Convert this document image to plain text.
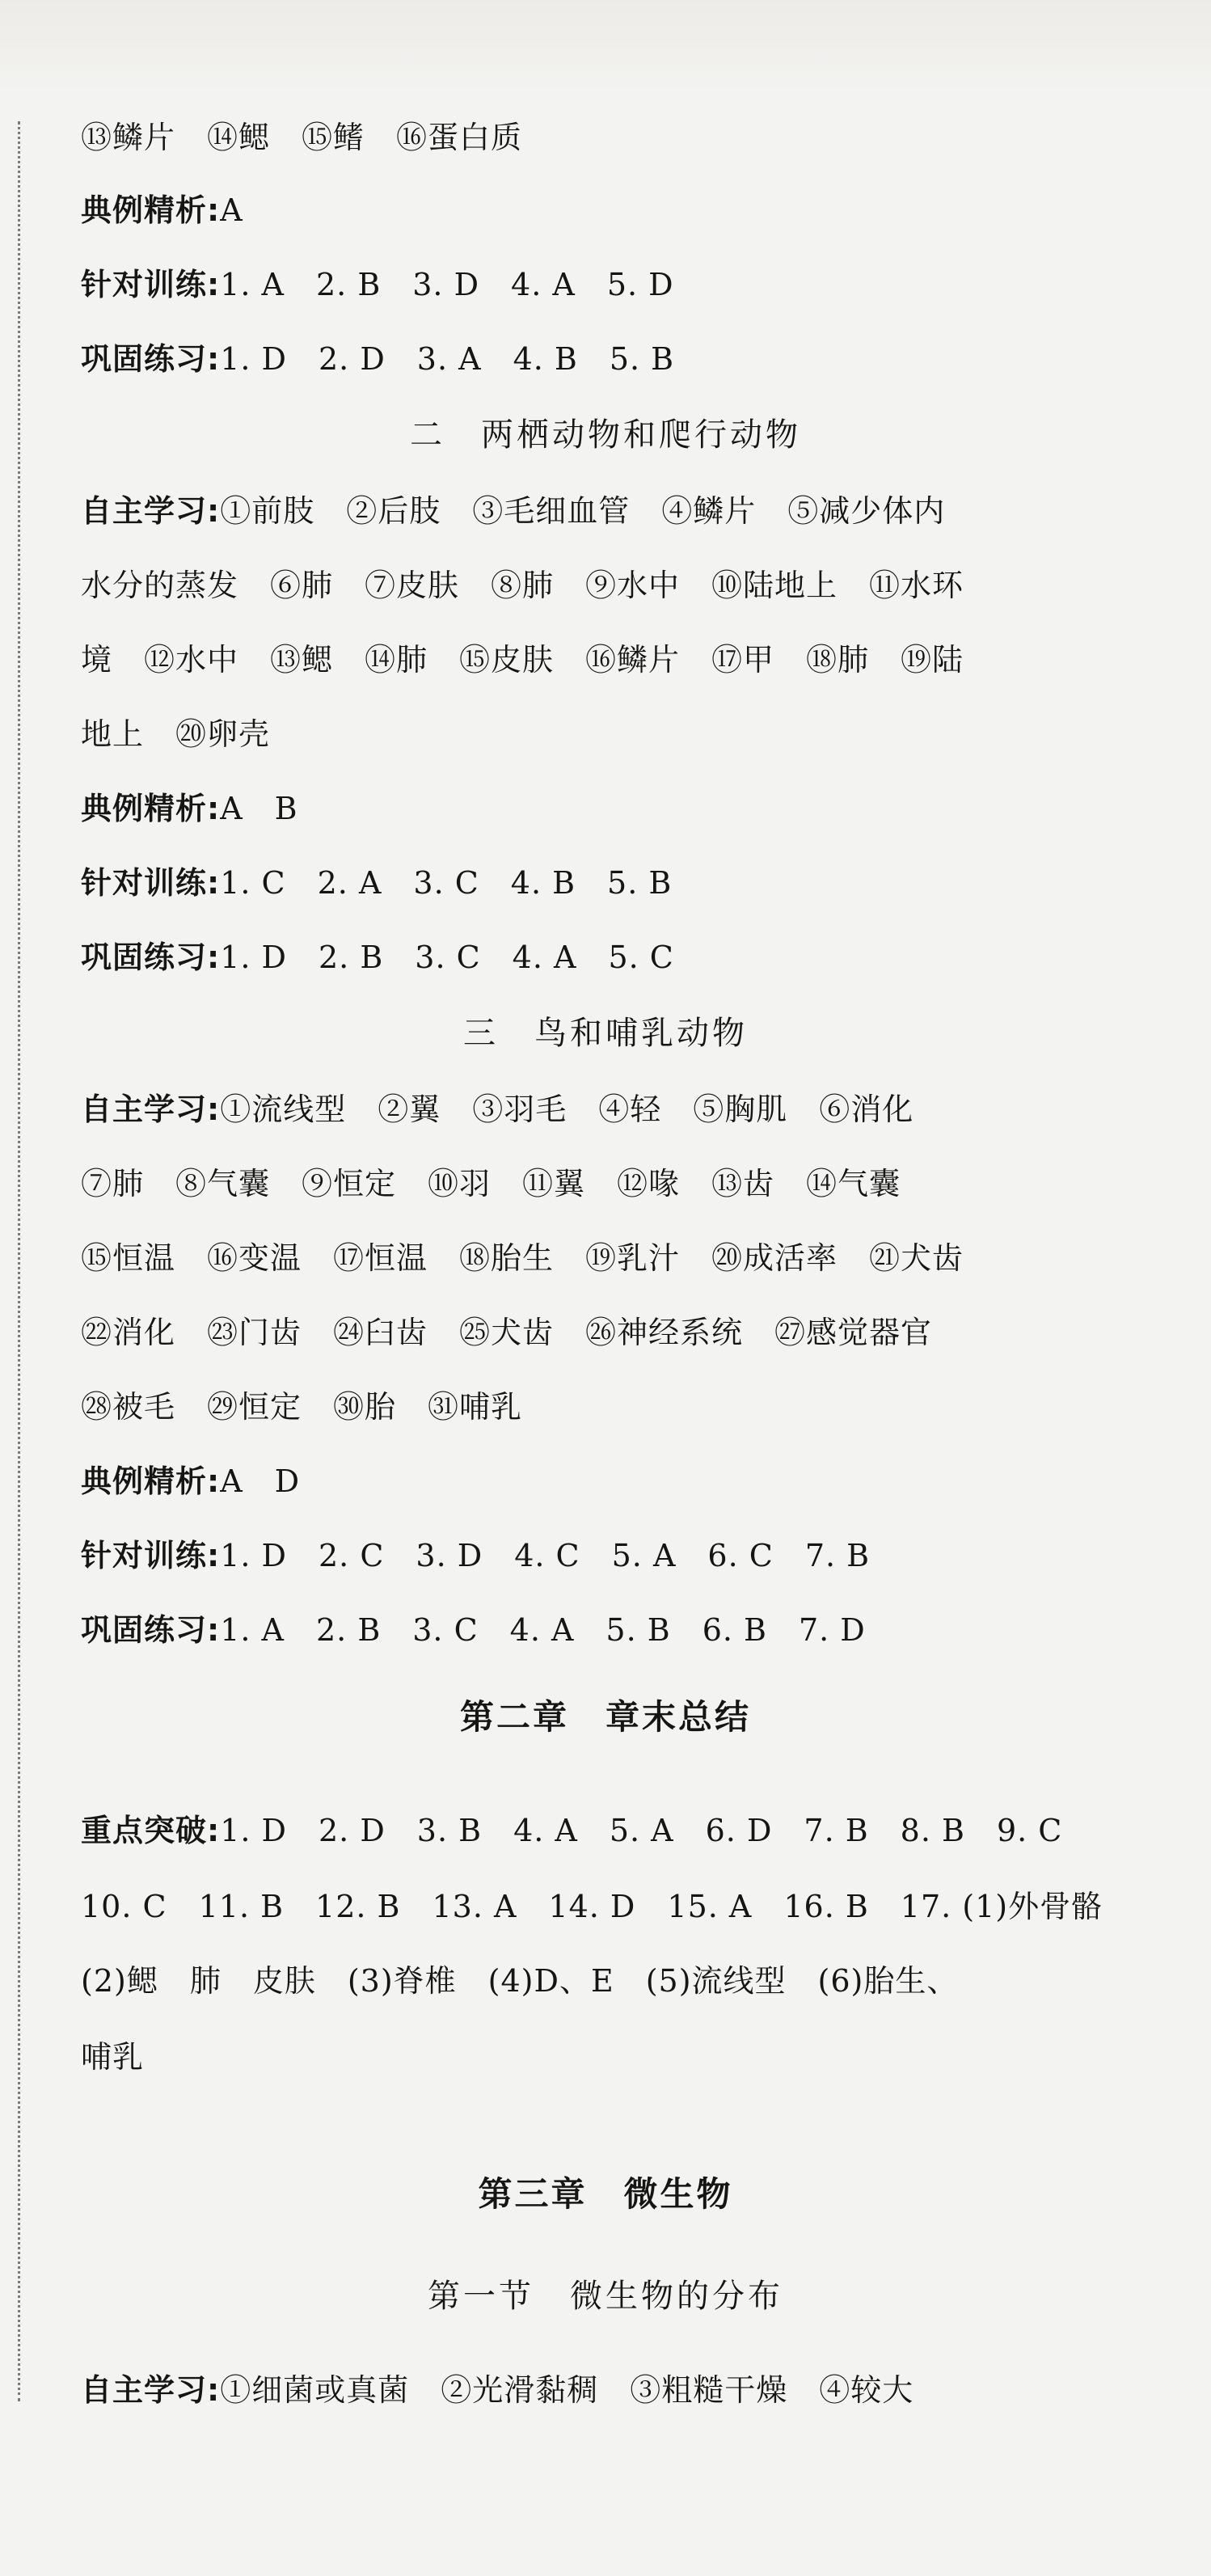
⑬鳞片　⑭鳃　⑮鳍　⑯蛋白质
典例精析:A
针对训练:1. A　2. B　3. D　4. A　5. D
巩固练习:1. D　2. D　3. A　4. B　5. B
二　两栖动物和爬行动物
自主学习:①前肢　②后肢　③毛细血管　④鳞片　⑤减少体内
水分的蒸发　⑥肺　⑦皮肤　⑧肺　⑨水中　⑩陆地上　⑪水环
境　⑫水中　⑬鳃　⑭肺　⑮皮肤　⑯鳞片　⑰甲　⑱肺　⑲陆
地上　⑳卵壳
典例精析:A　B
针对训练:1. C　2. A　3. C　4. B　5. B
巩固练习:1. D　2. B　3. C　4. A　5. C
三　鸟和哺乳动物
自主学习:①流线型　②翼　③羽毛　④轻　⑤胸肌　⑥消化
⑦肺　⑧气囊　⑨恒定　⑩羽　⑪翼　⑫喙　⑬齿　⑭气囊
⑮恒温　⑯变温　⑰恒温　⑱胎生　⑲乳汁　⑳成活率　㉑犬齿
㉒消化　㉓门齿　㉔臼齿　㉕犬齿　㉖神经系统　㉗感觉器官
㉘被毛　㉙恒定　㉚胎　㉛哺乳
典例精析:A　D
针对训练:1. D　2. C　3. D　4. C　5. A　6. C　7. B
巩固练习:1. A　2. B　3. C　4. A　5. B　6. B　7. D
第二章　章末总结
重点突破:1. D　2. D　3. B　4. A　5. A　6. D　7. B　8. B　9. C
10. C　11. B　12. B　13. A　14. D　15. A　16. B　17. (1)外骨骼
(2)鳃　肺　皮肤　(3)脊椎　(4)D、E　(5)流线型　(6)胎生、
哺乳
第三章　微生物
第一节　微生物的分布
自主学习:①细菌或真菌　②光滑黏稠　③粗糙干燥　④较大
